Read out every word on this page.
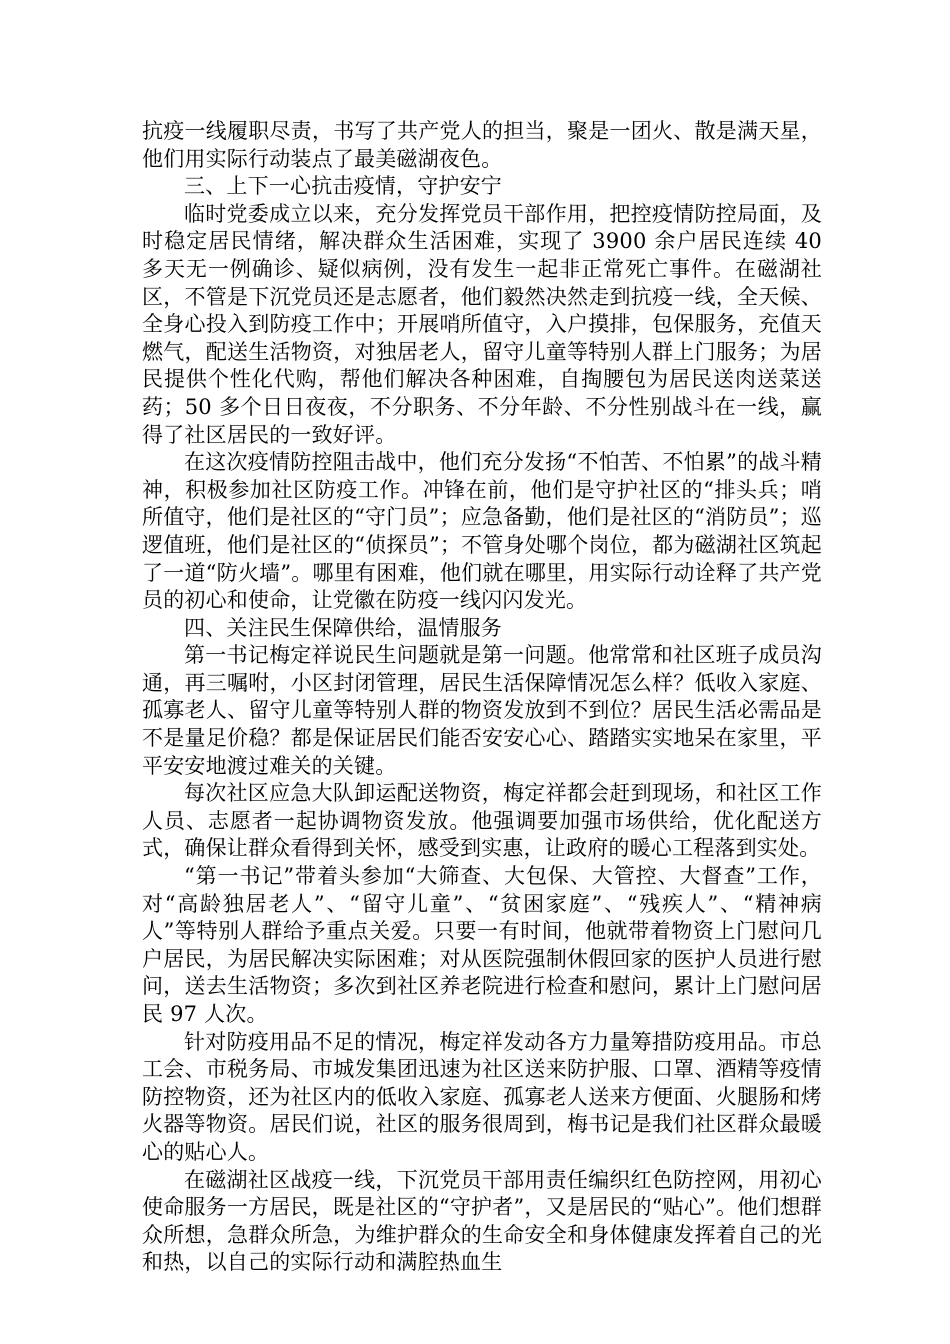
抗疫一线履职尽责，书写了共产党人的担当，聚是一团火、散是满天星，他们用实际行动装点了最美磁湖夜色。

三、上下一心抗击疫情，守护安宁

临时党委成立以来，充分发挥党员干部作用，把控疫情防控局面，及时稳定居民情绪，解决群众生活困难，实现了 3900 余户居民连续 40 多天无一例确诊、疑似病例，没有发生一起非正常死亡事件。在磁湖社区，不管是下沉党员还是志愿者，他们毅然决然走到抗疫一线，全天候、全身心投入到防疫工作中；开展哨所值守，入户摸排，包保服务，充值天燃气，配送生活物资，对独居老人，留守儿童等特别人群上门服务；为居民提供个性化代购，帮他们解决各种困难，自掏腰包为居民送肉送菜送药；50 多个日日夜夜，不分职务、不分年龄、不分性别战斗在一线，赢得了社区居民的一致好评。

在这次疫情防控阻击战中，他们充分发扬“不怕苦、不怕累”的战斗精神，积极参加社区防疫工作。冲锋在前，他们是守护社区的“排头兵；哨所值守，他们是社区的“守门员”；应急备勤，他们是社区的“消防员”；巡逻值班，他们是社区的“侦探员”；不管身处哪个岗位，都为磁湖社区筑起了一道“防火墙”。哪里有困难，他们就在哪里，用实际行动诠释了共产党员的初心和使命，让党徽在防疫一线闪闪发光。

四、关注民生保障供给，温情服务

第一书记梅定祥说民生问题就是第一问题。他常常和社区班子成员沟通，再三嘱咐，小区封闭管理，居民生活保障情况怎么样？低收入家庭、孤寡老人、留守儿童等特别人群的物资发放到不到位？居民生活必需品是不是量足价稳？都是保证居民们能否安安心心、踏踏实实地呆在家里，平平安安地渡过难关的关键。

每次社区应急大队卸运配送物资，梅定祥都会赶到现场，和社区工作人员、志愿者一起协调物资发放。他强调要加强市场供给，优化配送方式，确保让群众看得到关怀，感受到实惠，让政府的暖心工程落到实处。

“第一书记”带着头参加“大筛查、大包保、大管控、大督查”工作，对“高龄独居老人”、“留守儿童”、“贫困家庭”、“残疾人”、“精神病人”等特别人群给予重点关爱。只要一有时间，他就带着物资上门慰问几户居民，为居民解决实际困难；对从医院强制休假回家的医护人员进行慰问，送去生活物资；多次到社区养老院进行检查和慰问，累计上门慰问居民 97 人次。

针对防疫用品不足的情况，梅定祥发动各方力量筹措防疫用品。市总工会、市税务局、市城发集团迅速为社区送来防护服、口罩、酒精等疫情防控物资，还为社区内的低收入家庭、孤寡老人送来方便面、火腿肠和烤火器等物资。居民们说，社区的服务很周到，梅书记是我们社区群众最暖心的贴心人。

在磁湖社区战疫一线，下沉党员干部用责任编织红色防控网，用初心使命服务一方居民，既是社区的“守护者”，又是居民的“贴心”。他们想群众所想，急群众所急，为维护群众的生命安全和身体健康发挥着自己的光和热，以自己的实际行动和满腔热血生
